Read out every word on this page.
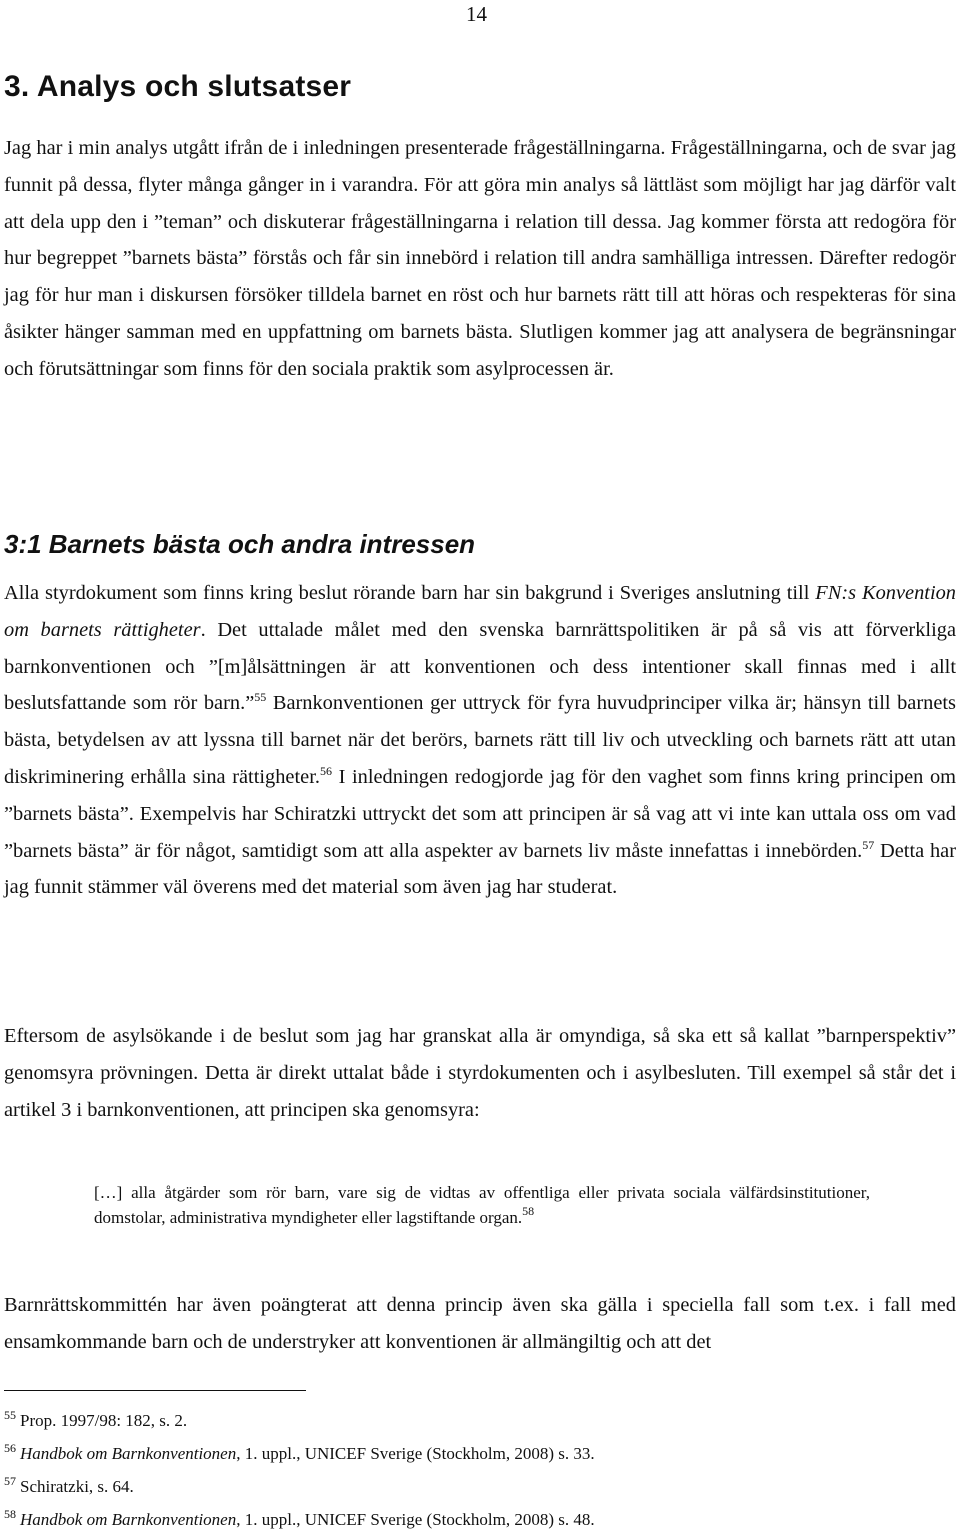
14
3. Analys och slutsatser

Jag har i min analys utgått ifrån de i inledningen presenterade frågeställningarna. Frågeställningarna, och de svar jag funnit på dessa, flyter många gånger in i varandra. För att göra min analys så lättläst som möjligt har jag därför valt att dela upp den i ”teman” och diskuterar frågeställningarna i relation till dessa. Jag kommer första att redogöra för hur begreppet ”barnets bästa” förstås och får sin innebörd i relation till andra samhälliga intressen. Därefter redogör jag för hur man i diskursen försöker tilldela barnet en röst och hur barnets rätt till att höras och respekteras för sina åsikter hänger samman med en uppfattning om barnets bästa. Slutligen kommer jag att analysera de begränsningar och förutsättningar som finns för den sociala praktik som asylprocessen är.

3:1 Barnets bästa och andra intressen

Alla styrdokument som finns kring beslut rörande barn har sin bakgrund i Sveriges anslutning till FN:s Konvention om barnets rättigheter. Det uttalade målet med den svenska barnrättspolitiken är på så vis att förverkliga barnkonventionen och ”[m]ålsättningen är att konventionen och dess intentioner skall finnas med i allt beslutsfattande som rör barn.”$^{55}$ Barnkonventionen ger uttryck för fyra huvudprinciper vilka är; hänsyn till barnets bästa, betydelsen av att lyssna till barnet när det berörs, barnets rätt till liv och utveckling och barnets rätt att utan diskriminering erhålla sina rättigheter.$^{56}$ I inledningen redogjorde jag för den vaghet som finns kring principen om ”barnets bästa”. Exempelvis har Schiratzki uttryckt det som att principen är så vag att vi inte kan uttala oss om vad ”barnets bästa” är för något, samtidigt som att alla aspekter av barnets liv måste innefattas i innebörden.$^{57}$ Detta har jag funnit stämmer väl överens med det material som även jag har studerat.

Eftersom de asylsökande i de beslut som jag har granskat alla är omyndiga, så ska ett så kallat ”barnperspektiv” genomsyra prövningen. Detta är direkt uttalat både i styrdokumenten och i asylbesluten. Till exempel så står det i artikel 3 i barnkonventionen, att principen ska genomsyra:

[…] alla åtgärder som rör barn, vare sig de vidtas av offentliga eller privata sociala välfärdsinstitutioner, domstolar, administrativa myndigheter eller lagstiftande organ.$^{58}$

Barnrättskommittén har även poängterat att denna princip även ska gälla i speciella fall som t.ex. i fall med ensamkommande barn och de understryker att konventionen är allmängiltig och att det

$^{55}$ Prop. 1997/98: 182, s. 2.
$^{56}$ Handbok om Barnkonventionen, 1. uppl., UNICEF Sverige (Stockholm, 2008) s. 33.
$^{57}$ Schiratzki, s. 64.
$^{58}$ Handbok om Barnkonventionen, 1. uppl., UNICEF Sverige (Stockholm, 2008) s. 48.
